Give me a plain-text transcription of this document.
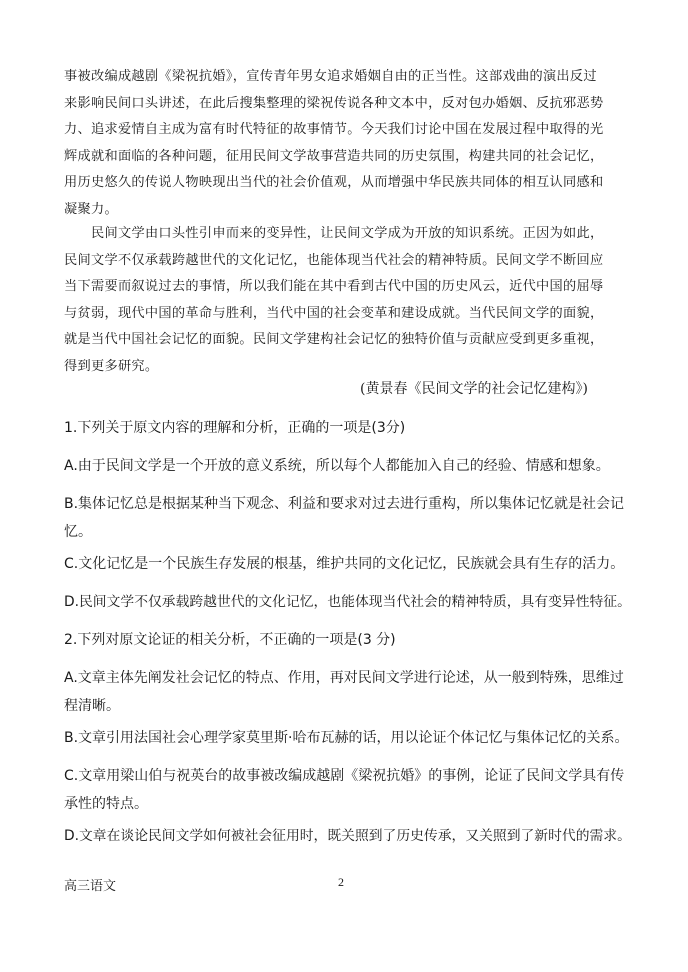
事被改编成越剧《梁祝抗婚》，宣传青年男女追求婚姻自由的正当性。这部戏曲的演出反过
来影响民间口头讲述，在此后搜集整理的梁祝传说各种文本中，反对包办婚姻、反抗邪恶势
力、追求爱情自主成为富有时代特征的故事情节。今天我们讨论中国在发展过程中取得的光
辉成就和面临的各种问题，征用民间文学故事营造共同的历史氛围，构建共同的社会记忆，
用历史悠久的传说人物映现出当代的社会价值观，从而增强中华民族共同体的相互认同感和
凝聚力。

民间文学由口头性引申而来的变异性，让民间文学成为开放的知识系统。正因为如此，
民间文学不仅承载跨越世代的文化记忆，也能体现当代社会的精神特质。民间文学不断回应
当下需要而叙说过去的事情，所以我们能在其中看到古代中国的历史风云，近代中国的屈辱
与贫弱，现代中国的革命与胜利，当代中国的社会变革和建设成就。当代民间文学的面貌，
就是当代中国社会记忆的面貌。民间文学建构社会记忆的独特价值与贡献应受到更多重视，
得到更多研究。

(黄景春《民间文学的社会记忆建构》)

1.下列关于原文内容的理解和分析，正确的一项是(3分)

A.由于民间文学是一个开放的意义系统，所以每个人都能加入自己的经验、情感和想象。

B.集体记忆总是根据某种当下观念、利益和要求对过去进行重构，所以集体记忆就是社会记
忆。

C.文化记忆是一个民族生存发展的根基，维护共同的文化记忆，民族就会具有生存的活力。

D.民间文学不仅承载跨越世代的文化记忆，也能体现当代社会的精神特质，具有变异性特征。

2.下列对原文论证的相关分析，不正确的一项是(3 分)

A.文章主体先阐发社会记忆的特点、作用，再对民间文学进行论述，从一般到特殊，思维过
程清晰。

B.文章引用法国社会心理学家莫里斯·哈布瓦赫的话，用以论证个体记忆与集体记忆的关系。

C.文章用梁山伯与祝英台的故事被改编成越剧《梁祝抗婚》的事例，论证了民间文学具有传
承性的特点。

D.文章在谈论民间文学如何被社会征用时，既关照到了历史传承，又关照到了新时代的需求。

高三语文	2
